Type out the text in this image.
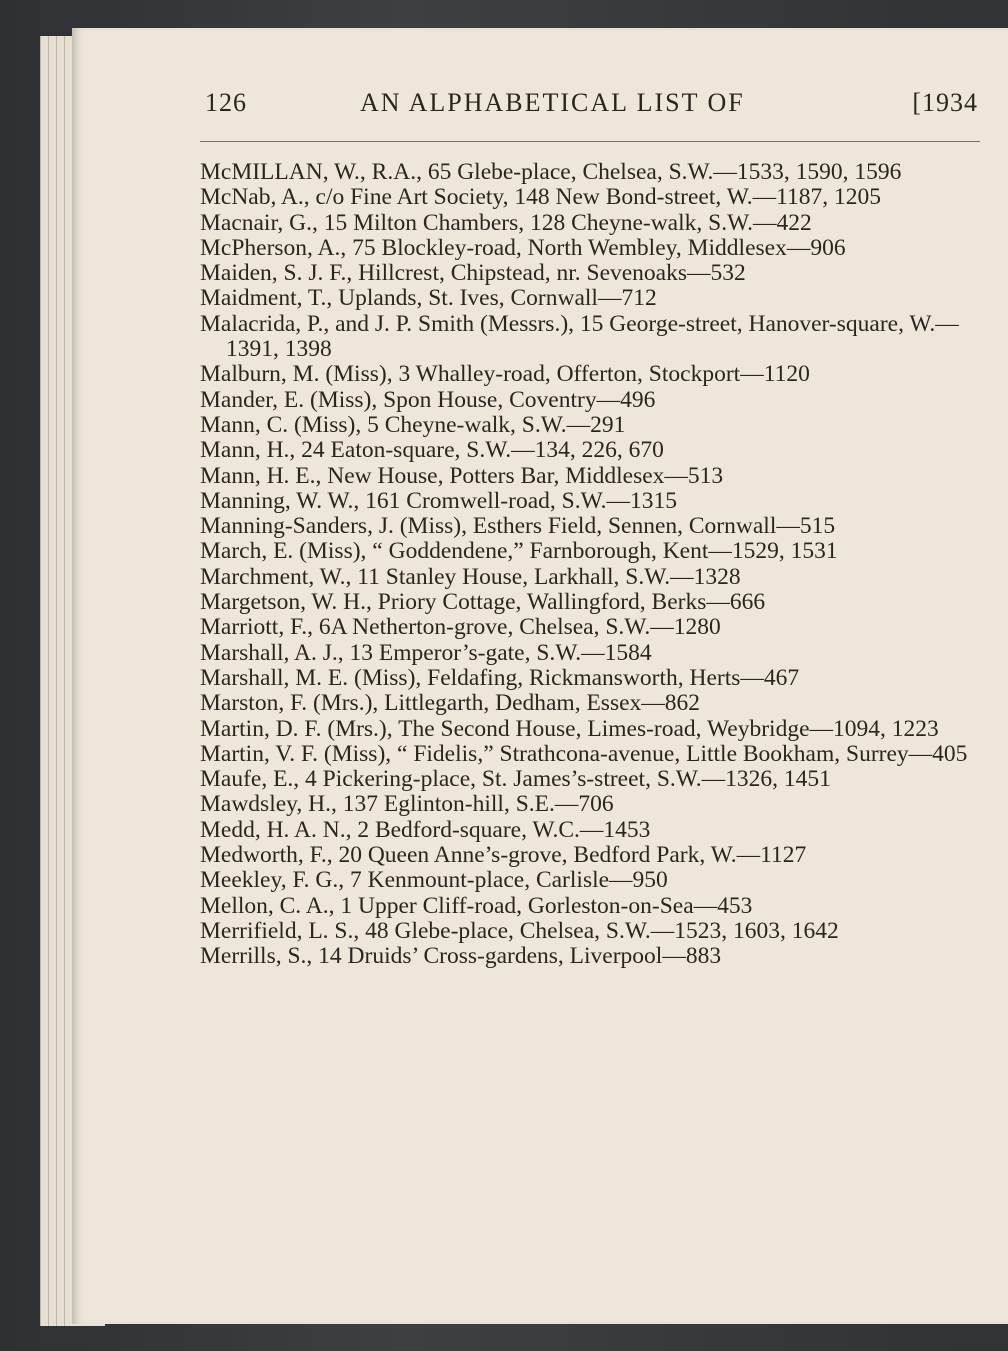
126	AN ALPHABETICAL LIST OF	[1934
McMILLAN, W., R.A., 65 Glebe-place, Chelsea, S.W.—1533, 1590, 1596
McNab, A., c/o Fine Art Society, 148 New Bond-street, W.—1187, 1205
Macnair, G., 15 Milton Chambers, 128 Cheyne-walk, S.W.—422
McPherson, A., 75 Blockley-road, North Wembley, Middlesex—906
Maiden, S. J. F., Hillcrest, Chipstead, nr. Sevenoaks—532
Maidment, T., Uplands, St. Ives, Cornwall—712
Malacrida, P., and J. P. Smith (Messrs.), 15 George-street, Hanover-square, W.—1391, 1398
Malburn, M. (Miss), 3 Whalley-road, Offerton, Stockport—1120
Mander, E. (Miss), Spon House, Coventry—496
Mann, C. (Miss), 5 Cheyne-walk, S.W.—291
Mann, H., 24 Eaton-square, S.W.—134, 226, 670
Mann, H. E., New House, Potters Bar, Middlesex—513
Manning, W. W., 161 Cromwell-road, S.W.—1315
Manning-Sanders, J. (Miss), Esthers Field, Sennen, Cornwall—515
March, E. (Miss), “ Goddendene,” Farnborough, Kent—1529, 1531
Marchment, W., 11 Stanley House, Larkhall, S.W.—1328
Margetson, W. H., Priory Cottage, Wallingford, Berks—666
Marriott, F., 6A Netherton-grove, Chelsea, S.W.—1280
Marshall, A. J., 13 Emperor’s-gate, S.W.—1584
Marshall, M. E. (Miss), Feldafing, Rickmansworth, Herts—467
Marston, F. (Mrs.), Littlegarth, Dedham, Essex—862
Martin, D. F. (Mrs.), The Second House, Limes-road, Weybridge—1094, 1223
Martin, V. F. (Miss), “ Fidelis,” Strathcona-avenue, Little Bookham, Surrey—405
Maufe, E., 4 Pickering-place, St. James’s-street, S.W.—1326, 1451
Mawdsley, H., 137 Eglinton-hill, S.E.—706
Medd, H. A. N., 2 Bedford-square, W.C.—1453
Medworth, F., 20 Queen Anne’s-grove, Bedford Park, W.—1127
Meekley, F. G., 7 Kenmount-place, Carlisle—950
Mellon, C. A., 1 Upper Cliff-road, Gorleston-on-Sea—453
Merrifield, L. S., 48 Glebe-place, Chelsea, S.W.—1523, 1603, 1642
Merrills, S., 14 Druids’ Cross-gardens, Liverpool—883
